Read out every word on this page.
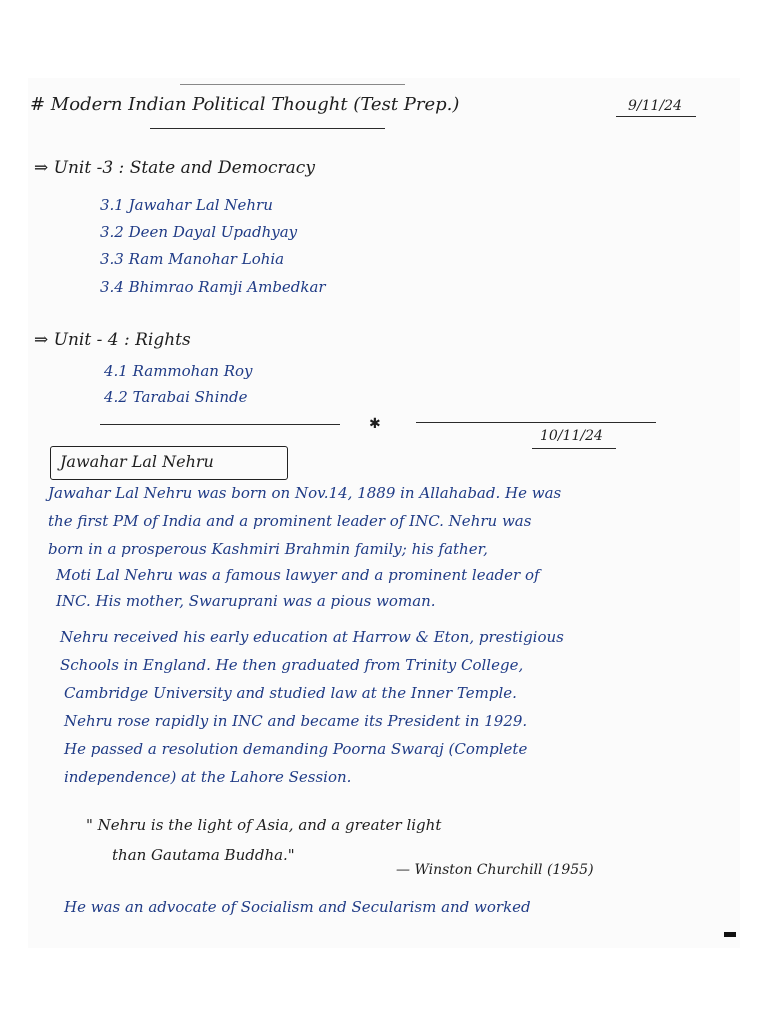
# Modern Indian Political Thought (Test Prep.)	9/11/24
⇒ Unit -3 : State and Democracy
3.1 Jawahar Lal Nehru
3.2 Deen Dayal Upadhyay
3.3 Ram Manohar Lohia
3.4 Bhimrao Ramji Ambedkar
⇒ Unit - 4 : Rights
4.1 Rammohan Roy
4.2 Tarabai Shinde
✱
10/11/24
Jawahar Lal Nehru
Jawahar Lal Nehru was born on Nov.14, 1889 in Allahabad. He was
the first PM of India and a prominent leader of INC. Nehru was
born in a prosperous Kashmiri Brahmin family; his father,
Moti Lal Nehru was a famous lawyer and a prominent leader of
INC. His mother, Swaruprani was a pious woman.
Nehru received his early education at Harrow & Eton, prestigious
Schools in England. He then graduated from Trinity College,
Cambridge University and studied law at the Inner Temple.
Nehru rose rapidly in INC and became its President in 1929.
He passed a resolution demanding Poorna Swaraj (Complete
independence) at the Lahore Session.
" Nehru is the light of Asia, and a greater light
than Gautama Buddha."
— Winston Churchill (1955)
He was an advocate of Socialism and Secularism and worked
